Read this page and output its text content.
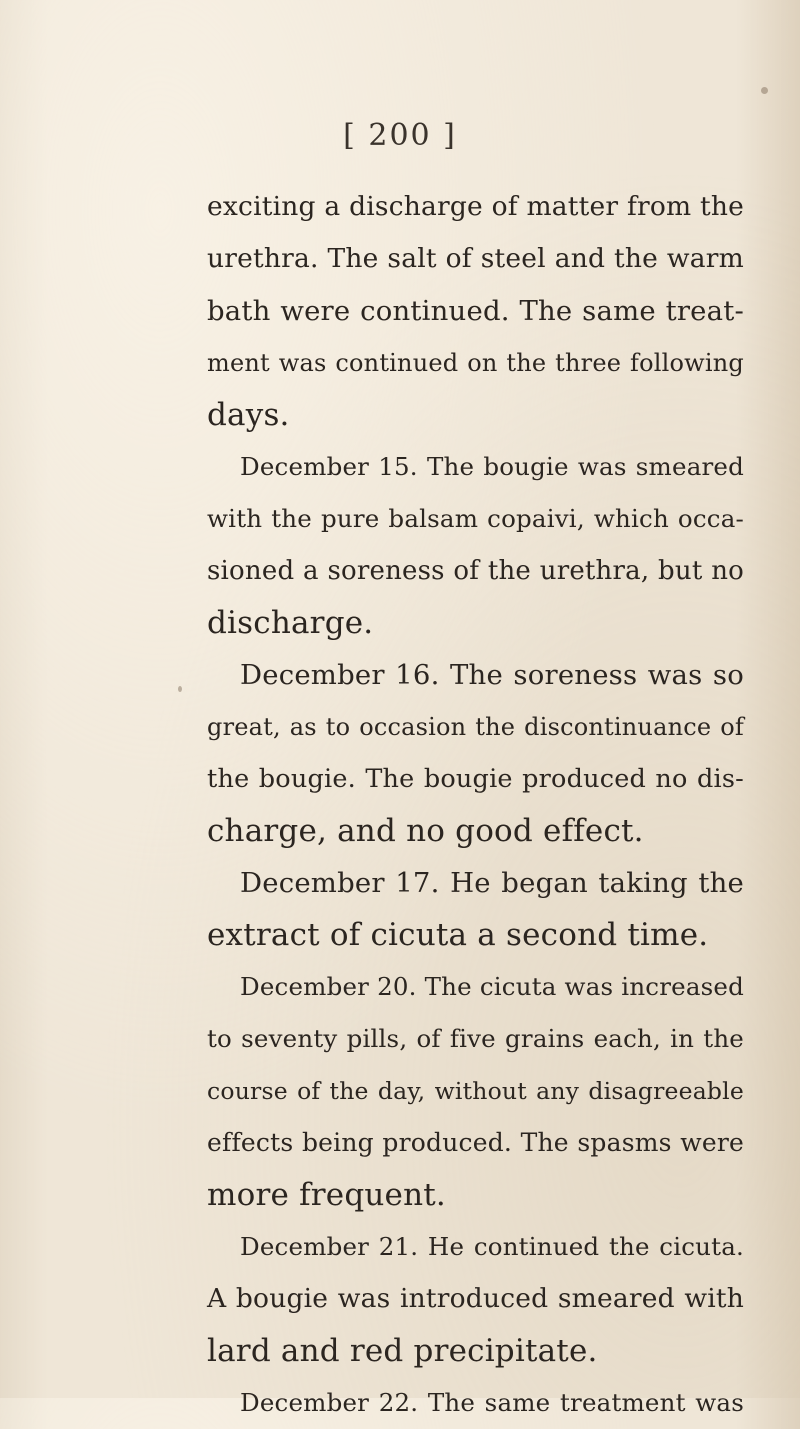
[ 200 ]
exciting a discharge of matter from the
urethra. The salt of steel and the warm
bath were continued. The same treat-
ment was continued on the three following
days.
December 15. The bougie was smeared
with the pure balsam copaivi, which occa-
sioned a soreness of the urethra, but no
discharge.
December 16. The soreness was so
great, as to occasion the discontinuance of
the bougie. The bougie produced no dis-
charge, and no good effect.
December 17. He began taking the
extract of cicuta a second time.
December 20. The cicuta was increased
to seventy pills, of five grains each, in the
course of the day, without any disagreeable
effects being produced. The spasms were
more frequent.
December 21. He continued the cicuta.
A bougie was introduced smeared with
lard and red precipitate.
December 22. The same treatment was
